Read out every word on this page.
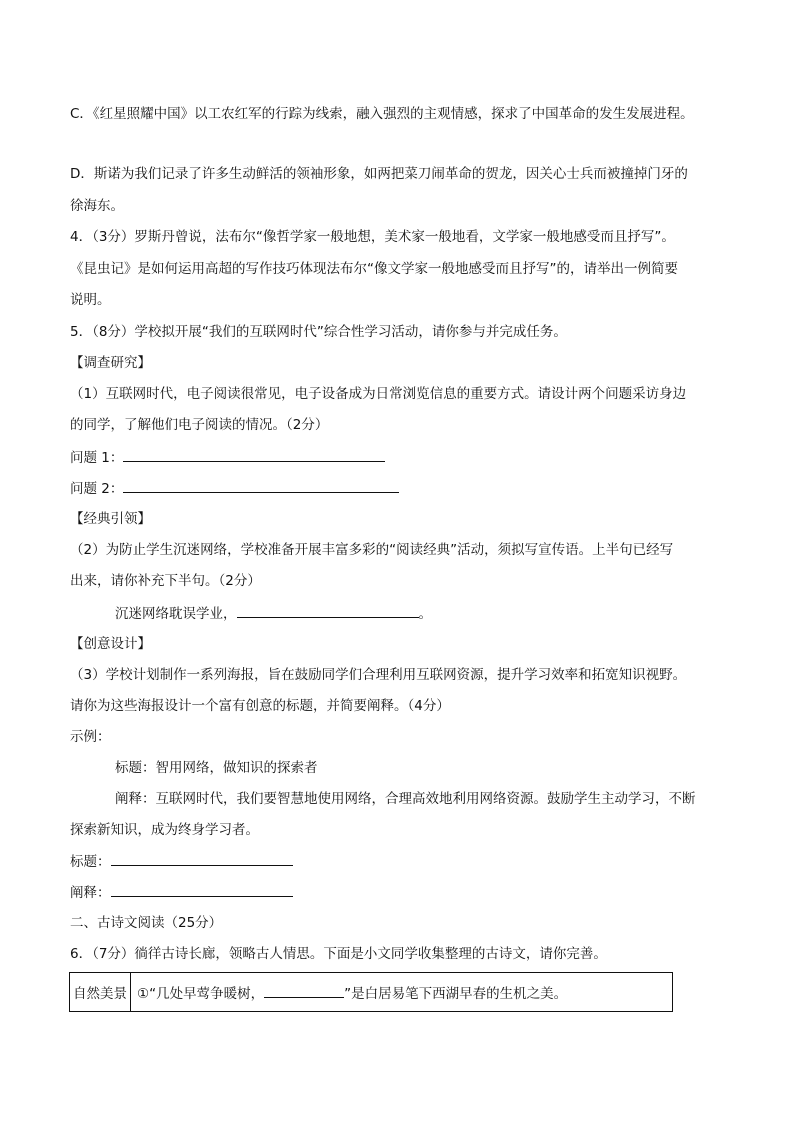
C．《红星照耀中国》以工农红军的行踪为线索，融入强烈的主观情感，探求了中国革命的发生发展进程。
D．斯诺为我们记录了许多生动鲜活的领袖形象，如两把菜刀闹革命的贺龙，因关心士兵而被撞掉门牙的
徐海东。
4．（3分）罗斯丹曾说，法布尔“像哲学家一般地想，美术家一般地看，文学家一般地感受而且抒写”。
《昆虫记》是如何运用高超的写作技巧体现法布尔“像文学家一般地感受而且抒写”的，请举出一例简要
说明。
5．（8分）学校拟开展“我们的互联网时代”综合性学习活动，请你参与并完成任务。
【调查研究】
（1）互联网时代，电子阅读很常见，电子设备成为日常浏览信息的重要方式。请设计两个问题采访身边
的同学，了解他们电子阅读的情况。（2分）
问题 1：
问题 2：
【经典引领】
（2）为防止学生沉迷网络，学校准备开展丰富多彩的“阅读经典”活动，须拟写宣传语。上半句已经写
出来，请你补充下半句。（2分）
沉迷网络耽误学业，	。
【创意设计】
（3）学校计划制作一系列海报，旨在鼓励同学们合理利用互联网资源，提升学习效率和拓宽知识视野。
请你为这些海报设计一个富有创意的标题，并简要阐释。（4分）
示例：
标题：智用网络，做知识的探索者
阐释：互联网时代，我们要智慧地使用网络，合理高效地利用网络资源。鼓励学生主动学习，不断
探索新知识，成为终身学习者。
标题：
阐释：
二、古诗文阅读（25分）
6．（7分）徜徉古诗长廊，领略古人情思。下面是小文同学收集整理的古诗文，请你完善。
自然美景	①“几处早莺争暖树，	”是白居易笔下西湖早春的生机之美。
